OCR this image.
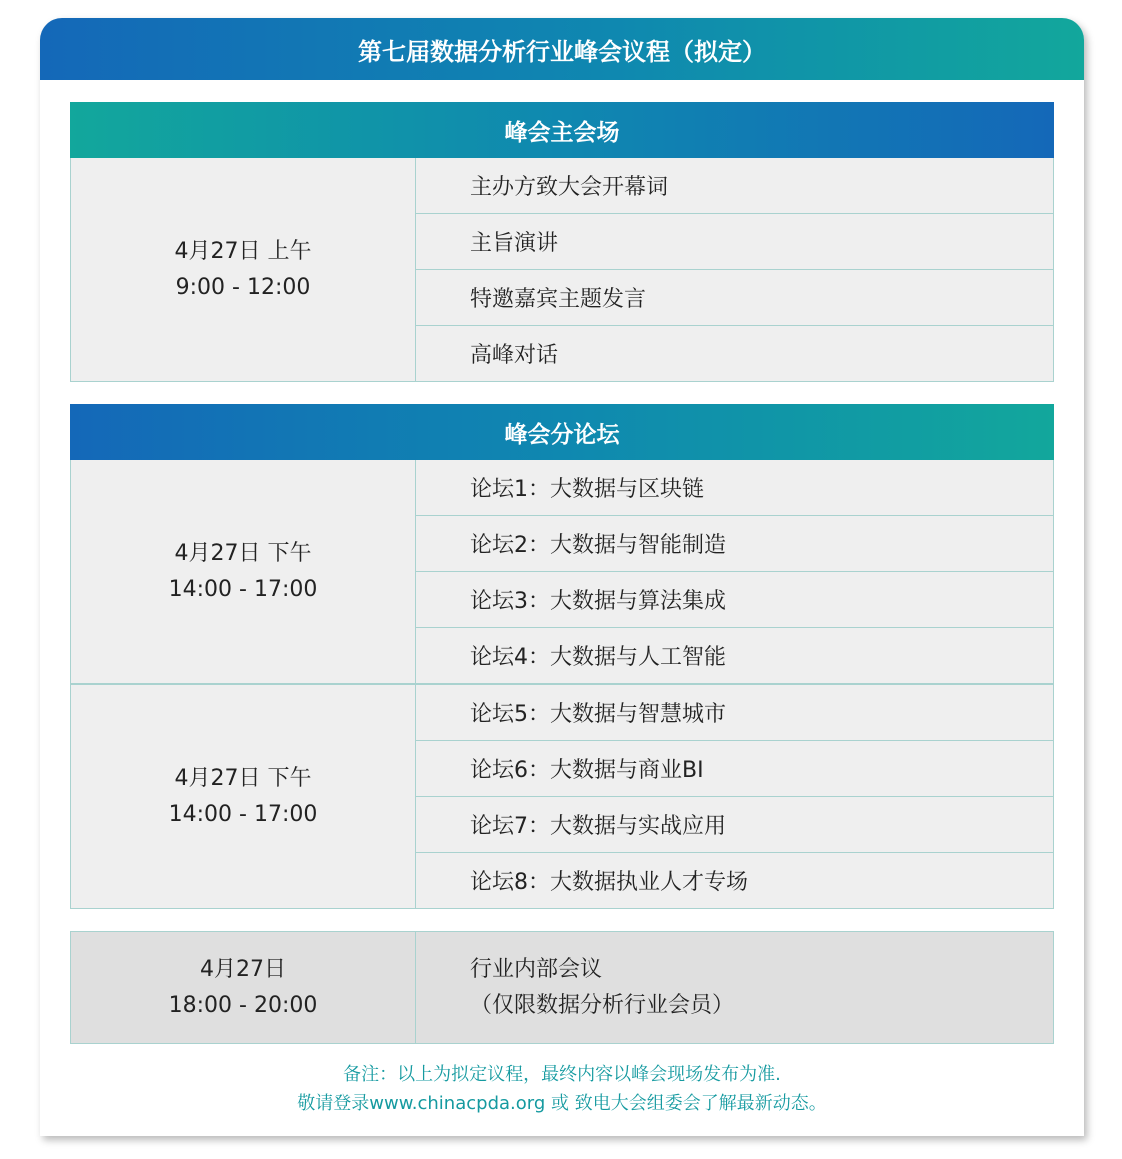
第七届数据分析行业峰会议程（拟定）
峰会主会场
4月27日 上午
9:00 - 12:00
主办方致大会开幕词
主旨演讲
特邀嘉宾主题发言
高峰对话
峰会分论坛
4月27日 下午
14:00 - 17:00
论坛1：大数据与区块链
论坛2：大数据与智能制造
论坛3：大数据与算法集成
论坛4：大数据与人工智能
4月27日 下午
14:00 - 17:00
论坛5：大数据与智慧城市
论坛6：大数据与商业BI
论坛7：大数据与实战应用
论坛8：大数据执业人才专场
4月27日
18:00 - 20:00
行业内部会议
（仅限数据分析行业会员）
备注：以上为拟定议程，最终内容以峰会现场发布为准.
敬请登录www.chinacpda.org 或 致电大会组委会了解最新动态。
